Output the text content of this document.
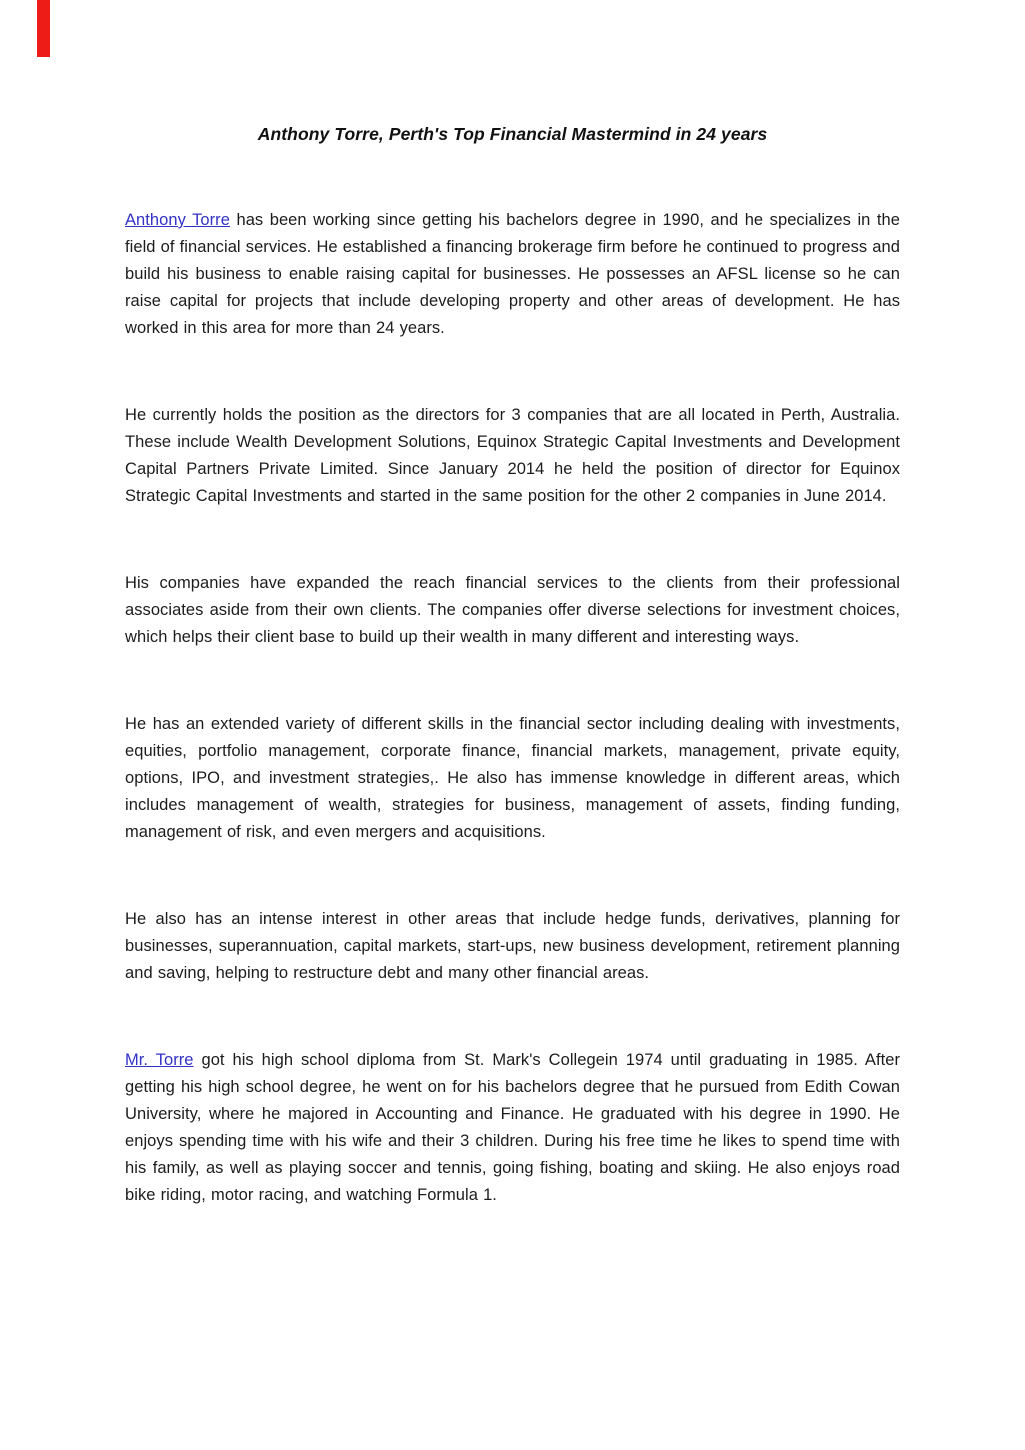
Anthony Torre, Perth's Top Financial Mastermind in 24 years

Anthony Torre has been working since getting his bachelors degree in 1990, and he specializes in the field of financial services. He established a financing brokerage firm before he continued to progress and build his business to enable raising capital for businesses. He possesses an AFSL license so he can raise capital for projects that include developing property and other areas of development. He has worked in this area for more than 24 years.

He currently holds the position as the directors for 3 companies that are all located in Perth, Australia. These include Wealth Development Solutions, Equinox Strategic Capital Investments and Development Capital Partners Private Limited. Since January 2014 he held the position of director for Equinox Strategic Capital Investments and started in the same position for the other 2 companies in June 2014.

His companies have expanded the reach financial services to the clients from their professional associates aside from their own clients. The companies offer diverse selections for investment choices, which helps their client base to build up their wealth in many different and interesting ways.

He has an extended variety of different skills in the financial sector including dealing with investments, equities, portfolio management, corporate finance, financial markets, management, private equity, options, IPO, and investment strategies,. He also has immense knowledge in different areas, which includes management of wealth, strategies for business, management of assets, finding funding, management of risk, and even mergers and acquisitions.

He also has an intense interest in other areas that include hedge funds, derivatives, planning for businesses, superannuation, capital markets, start-ups, new business development, retirement planning and saving, helping to restructure debt and many other financial areas.

Mr. Torre got his high school diploma from St. Mark's Collegein 1974 until graduating in 1985. After getting his high school degree, he went on for his bachelors degree that he pursued from Edith Cowan University, where he majored in Accounting and Finance. He graduated with his degree in 1990. He enjoys spending time with his wife and their 3 children. During his free time he likes to spend time with his family, as well as playing soccer and tennis, going fishing, boating and skiing. He also enjoys road bike riding, motor racing, and watching Formula 1.
